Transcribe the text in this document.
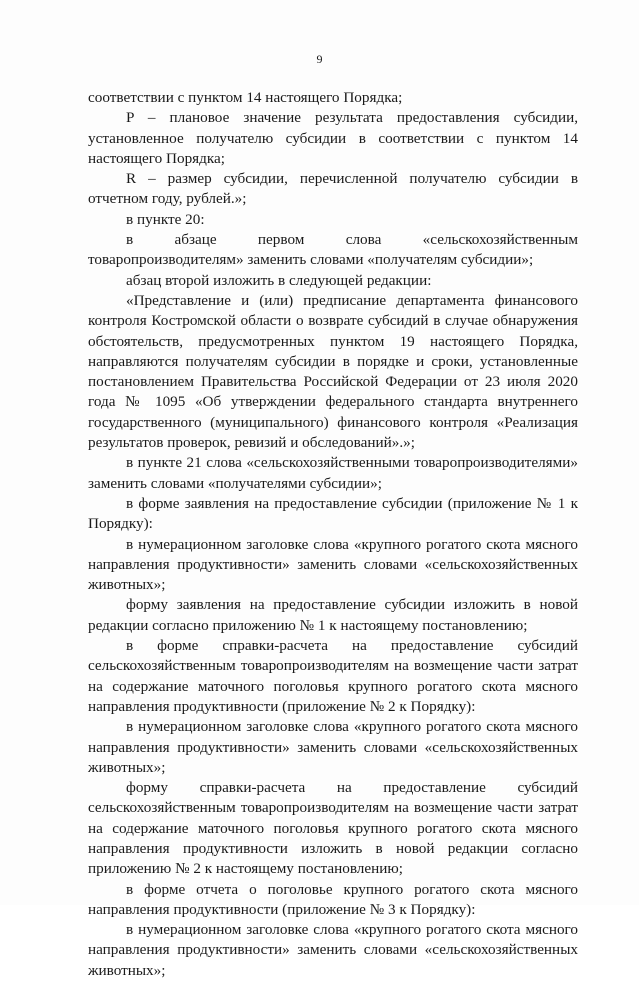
9

соответствии с пунктом 14 настоящего Порядка;

P – плановое значение результата предоставления субсидии, установленное получателю субсидии в соответствии с пунктом 14 настоящего Порядка;

R – размер субсидии, перечисленной получателю субсидии в отчетном году, рублей.»;

в пункте 20:

в абзаце первом слова «сельскохозяйственным товаропроизводителям» заменить словами «получателям субсидии»;

абзац второй изложить в следующей редакции:

«Представление и (или) предписание департамента финансового контроля Костромской области о возврате субсидий в случае обнаружения обстоятельств, предусмотренных пунктом 19 настоящего Порядка, направляются получателям субсидии в порядке и сроки, установленные постановлением Правительства Российской Федерации от 23 июля 2020 года № 1095 «Об утверждении федерального стандарта внутреннего государственного (муниципального) финансового контроля «Реализация результатов проверок, ревизий и обследований».»;

в пункте 21 слова «сельскохозяйственными товаропроизводителями» заменить словами «получателями субсидии»;

в форме заявления на предоставление субсидии (приложение № 1 к Порядку):

в нумерационном заголовке слова «крупного рогатого скота мясного направления продуктивности» заменить словами «сельскохозяйственных животных»;

форму заявления на предоставление субсидии изложить в новой редакции согласно приложению № 1 к настоящему постановлению;

в форме справки-расчета на предоставление субсидий сельскохозяйственным товаропроизводителям на возмещение части затрат на содержание маточного поголовья крупного рогатого скота мясного направления продуктивности (приложение № 2 к Порядку):

в нумерационном заголовке слова «крупного рогатого скота мясного направления продуктивности» заменить словами «сельскохозяйственных животных»;

форму справки-расчета на предоставление субсидий сельскохозяйственным товаропроизводителям на возмещение части затрат на содержание маточного поголовья крупного рогатого скота мясного направления продуктивности изложить в новой редакции согласно приложению № 2 к настоящему постановлению;

в форме отчета о поголовье крупного рогатого скота мясного направления продуктивности (приложение № 3 к Порядку):

в нумерационном заголовке слова «крупного рогатого скота мясного направления продуктивности» заменить словами «сельскохозяйственных животных»;
